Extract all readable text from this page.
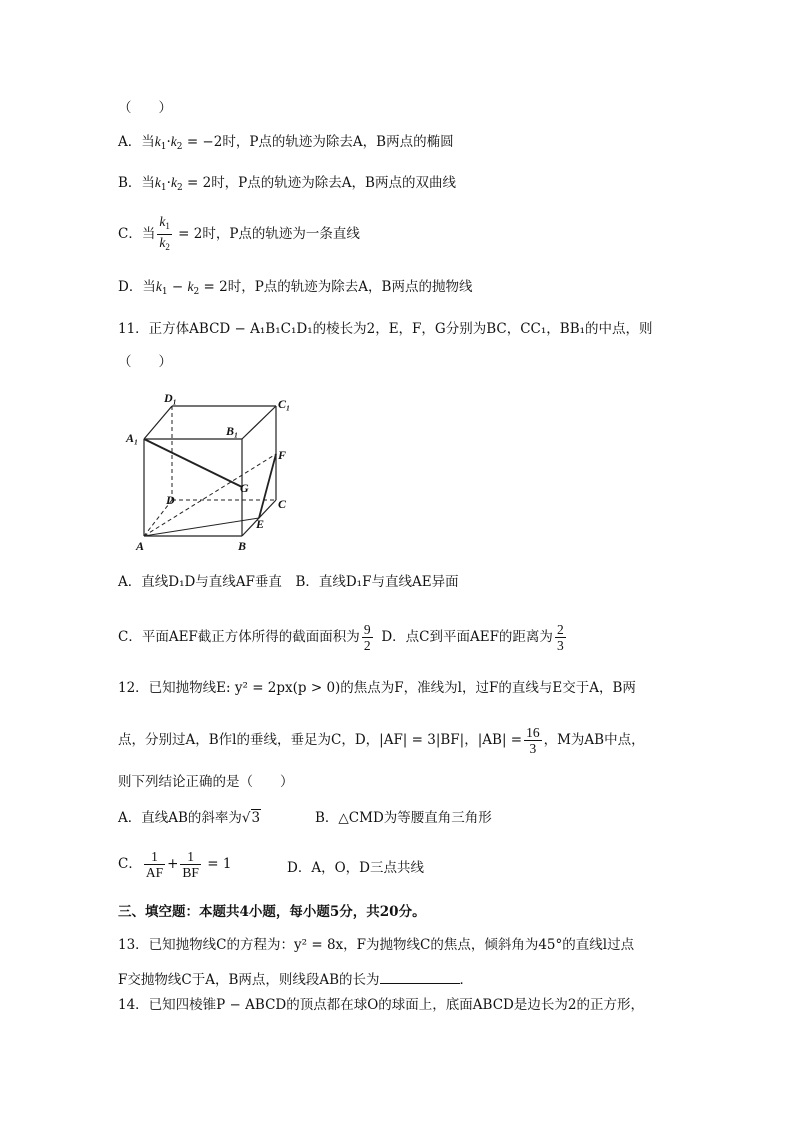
（　　）
A．当$k_1\cdot k_2 = -2$时，P点的轨迹为除去A，B两点的椭圆
B．当$k_1\cdot k_2 = 2$时，P点的轨迹为除去A，B两点的双曲线
C．当 $\frac{k_1}{k_2} = 2$时，P点的轨迹为一条直线
D．当$k_1 - k_2 = 2$时，P点的轨迹为除去A，B两点的抛物线
11．正方体ABCD − A₁B₁C₁D₁的棱长为2，E，F，G分别为BC，CC₁，BB₁的中点，则
（　　）
D₁	C₁
A₁	B₁
F
G
D	C
E
A	B
A．直线D₁D与直线AF垂直   B．直线D₁F与直线AE异面
C．平面AEF截正方体所得的截面面积为 $\frac{9}{2}$
  D．点C到平面AEF的距离为 $\frac{2}{3}$
12．已知抛物线E: y² = 2px(p > 0)的焦点为F，准线为l，过F的直线与E交于A，B两
点，分别过A，B作l的垂线，垂足为C，D，|AF| = 3|BF|，$|AB| = \frac{16}{3}$ ，M为AB中点，
则下列结论正确的是（　　）
A．直线AB的斜率为√3	B．△CMD为等腰直角三角形
C． $\frac{1}{AF} + \frac{1}{BF} = 1$	D．A，O，D三点共线
三、填空题：本题共4小题，每小题5分，共20分。
13．已知抛物线C的方程为：y² = 8x，F为抛物线C的焦点，倾斜角为45°的直线l过点
F交抛物线C于A，B两点，则线段AB的长为	．
14．已知四棱锥P − ABCD的顶点都在球O的球面上，底面ABCD是边长为2的正方形，
